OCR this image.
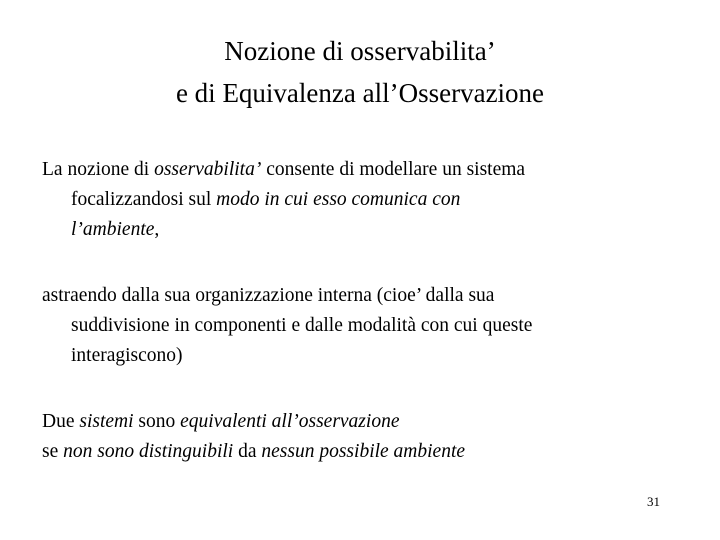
Nozione di osservabilita’
e di Equivalenza all’Osservazione
La nozione di osservabilita’ consente di modellare un sistema
focalizzandosi sul modo in cui esso comunica con
l’ambiente,
astraendo dalla sua organizzazione interna (cioe’ dalla sua
suddivisione in componenti e dalle modalità con cui queste
interagiscono)
Due sistemi sono equivalenti all’osservazione
se non sono distinguibili da nessun possibile ambiente
31
